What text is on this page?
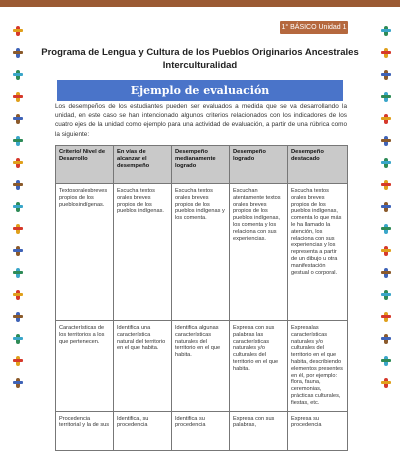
1° BÁSICO Unidad 1
Programa de Lengua y Cultura de los Pueblos Originarios Ancestrales
Interculturalidad
Ejemplo de evaluación

Los desempeños de los estudiantes pueden ser evaluados a medida que se va desarrollando la unidad, en este caso se han intencionado algunos criterios relacionados con los indicadores de los cuatro ejes de la unidad como ejemplo para una actividad de evaluación, a partir de una rúbrica como la siguiente:

Criterio/ Nivel de Desarrollo	En vías de alcanzar el desempeño	Desempeño medianamente logrado	Desempeño logrado	Desempeño destacado
Textosoralesbreves propios de los pueblosindígenas.	Escucha textos orales breves propios de los pueblos indígenas.	Escucha textos orales breves propios de los pueblos indígenas y los comenta.	Escuchan atentamente textos orales breves propios de los pueblos indígenas, los comenta y los relaciona con sus experiencias.	Escucha textos orales breves propios de los pueblos indígenas, comenta lo que más le ha llamado la atención, los relaciona con sus experiencias y los representa a partir de un dibujo u otra manifestación gestual o corporal.
Características de los territorios a los que pertenecen.	Identifica una característica natural del territorio en el que habita.	Identifica algunas características naturales del territorio en el que habita.	Expresa con sus palabras las características naturales y/o culturales del territorio en el que habita.	Expresalas características naturales y/o culturales del territorio en el que habita, describiendo elementos presentes en él, por ejemplo: flora, fauna, ceremonias, prácticas culturales, fiestas, etc.
Procedencia territorial y la de sus	Identifica, su procedencia	Identifica su procedencia	Expresa con sus palabras,	Expresa su procedencia
